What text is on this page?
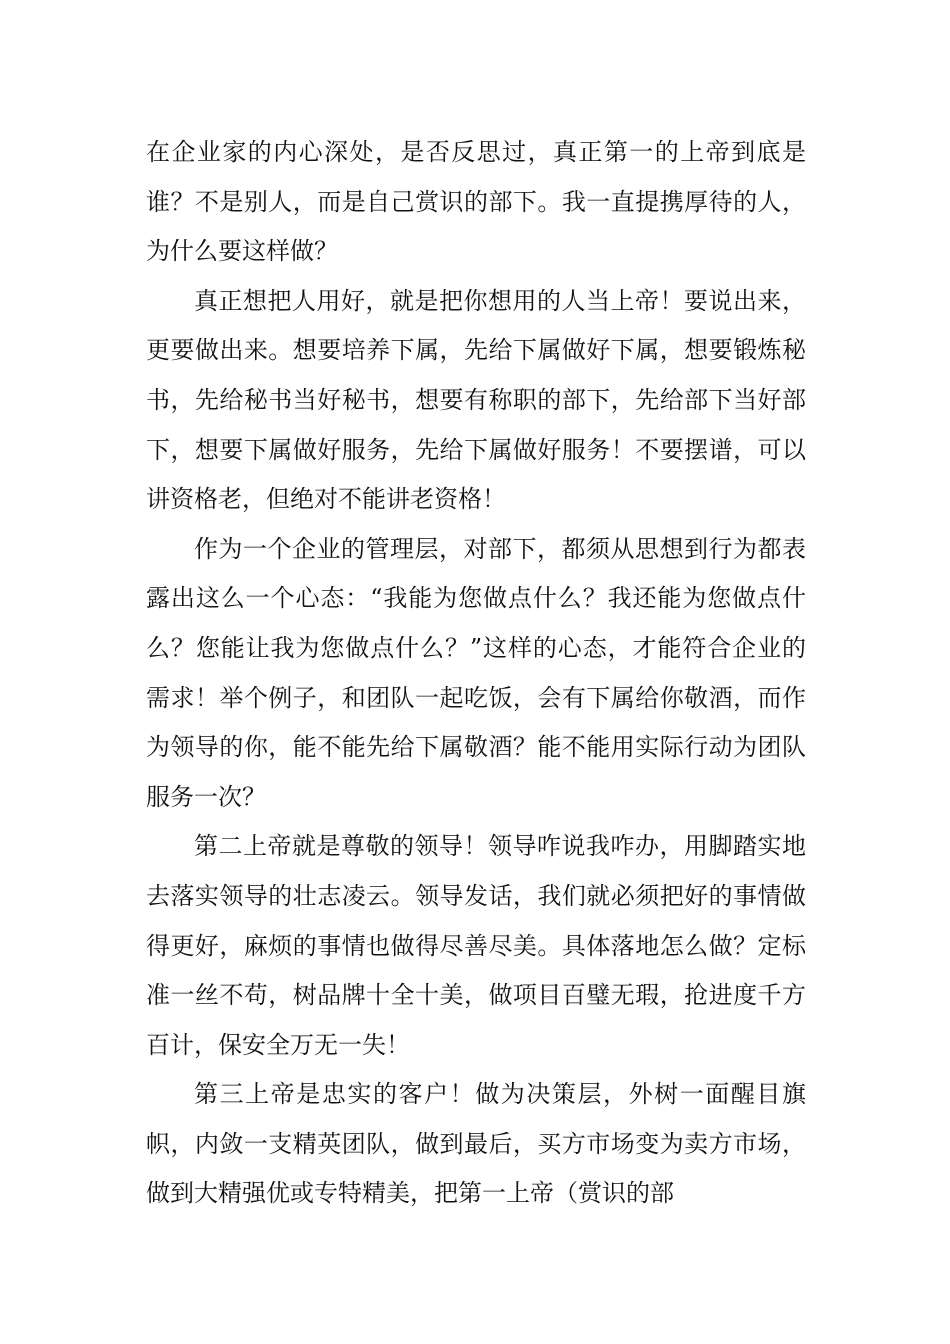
在企业家的内心深处，是否反思过，真正第一的上帝到底是谁？不是别人，而是自己赏识的部下。我一直提携厚待的人，为什么要这样做？

真正想把人用好，就是把你想用的人当上帝！要说出来，更要做出来。想要培养下属，先给下属做好下属，想要锻炼秘书，先给秘书当好秘书，想要有称职的部下，先给部下当好部下，想要下属做好服务，先给下属做好服务！不要摆谱，可以讲资格老，但绝对不能讲老资格！

作为一个企业的管理层，对部下，都须从思想到行为都表露出这么一个心态：“我能为您做点什么？我还能为您做点什么？您能让我为您做点什么？”这样的心态，才能符合企业的需求！举个例子，和团队一起吃饭，会有下属给你敬酒，而作为领导的你，能不能先给下属敬酒？能不能用实际行动为团队服务一次？

第二上帝就是尊敬的领导！领导咋说我咋办，用脚踏实地去落实领导的壮志凌云。领导发话，我们就必须把好的事情做得更好，麻烦的事情也做得尽善尽美。具体落地怎么做？定标准一丝不苟，树品牌十全十美，做项目百璧无瑕，抢进度千方百计，保安全万无一失！

第三上帝是忠实的客户！做为决策层，外树一面醒目旗帜，内敛一支精英团队，做到最后，买方市场变为卖方市场，做到大精强优或专特精美，把第一上帝（赏识的部
